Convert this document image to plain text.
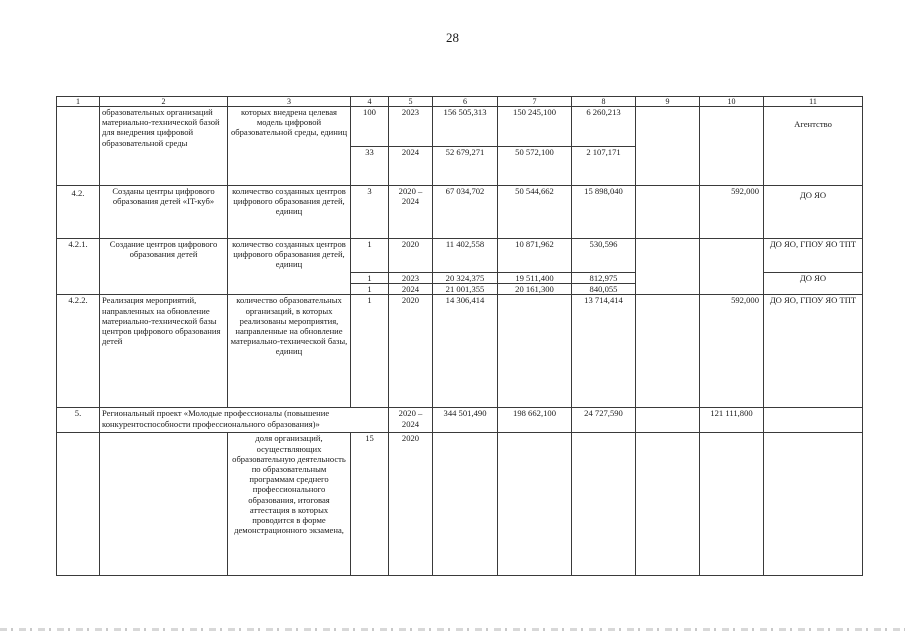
28
1	2	3	4	5	6	7	8	9	10	11
	образовательных организаций материально-технической базой для внедрения цифровой образовательной среды	которых внедрена целевая модель цифровой образовательной среды, единиц	100	2023	156 505,313	150 245,100	6 260,213			Агентство
			33	2024	52 679,271	50 572,100	2 107,171			
4.2.	Созданы центры цифрового образования детей «IT-куб»	количество созданных центров цифрового образования детей, единиц	3	2020 – 2024	67 034,702	50 544,662	15 898,040		592,000	ДО ЯО
4.2.1.	Создание центров цифрового образования детей	количество созданных центров цифрового образования детей, единиц	1	2020	11 402,558	10 871,962	530,596			ДО ЯО, ГПОУ ЯО ТПТ
			1	2023	20 324,375	19 511,400	812,975			ДО ЯО
			1	2024	21 001,355	20 161,300	840,055			
4.2.2.	Реализация мероприятий, направленных на обновление материально-технической базы центров цифрового образования детей	количество образовательных организаций, в которых реализованы мероприятия, направленные на обновление материально-технической базы, единиц	1	2020	14 306,414		13 714,414		592,000	ДО ЯО, ГПОУ ЯО ТПТ
5.	Региональный проект «Молодые профессионалы (повышение конкурентоспособности профессионального образования)»			2020 – 2024	344 501,490	198 662,100	24 727,590		121 111,800	
		доля организаций, осуществляющих образовательную деятельность по образовательным программам среднего профессионального образования, итоговая аттестация в которых проводится в форме демонстрационного экзамена,	15	2020						
